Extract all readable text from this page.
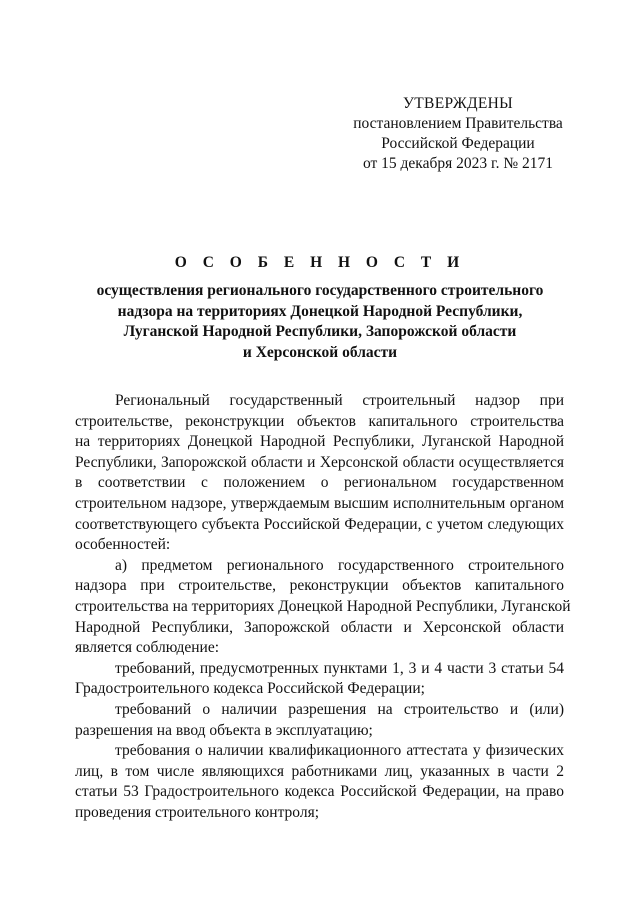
УТВЕРЖДЕНЫ
постановлением Правительства
Российской Федерации
от 15 декабря 2023 г. № 2171
О С О Б Е Н Н О С Т И
осуществления регионального государственного строительного
надзора на территориях Донецкой Народной Республики,
Луганской Народной Республики, Запорожской области
и Херсонской области
Региональный государственный строительный надзор при
строительстве, реконструкции объектов капитального строительства
на территориях Донецкой Народной Республики, Луганской Народной
Республики, Запорожской области и Херсонской области осуществляется
в соответствии с положением о региональном государственном
строительном надзоре, утверждаемым высшим исполнительным органом
соответствующего субъекта Российской Федерации, с учетом следующих
особенностей:
а) предметом регионального государственного строительного
надзора при строительстве, реконструкции объектов капитального
строительства на территориях Донецкой Народной Республики, Луганской
Народной Республики, Запорожской области и Херсонской области
является соблюдение:
требований, предусмотренных пунктами 1, 3 и 4 части 3 статьи 54
Градостроительного кодекса Российской Федерации;
требований о наличии разрешения на строительство и (или)
разрешения на ввод объекта в эксплуатацию;
требования о наличии квалификационного аттестата у физических
лиц, в том числе являющихся работниками лиц, указанных в части 2
статьи 53 Градостроительного кодекса Российской Федерации, на право
проведения строительного контроля;
